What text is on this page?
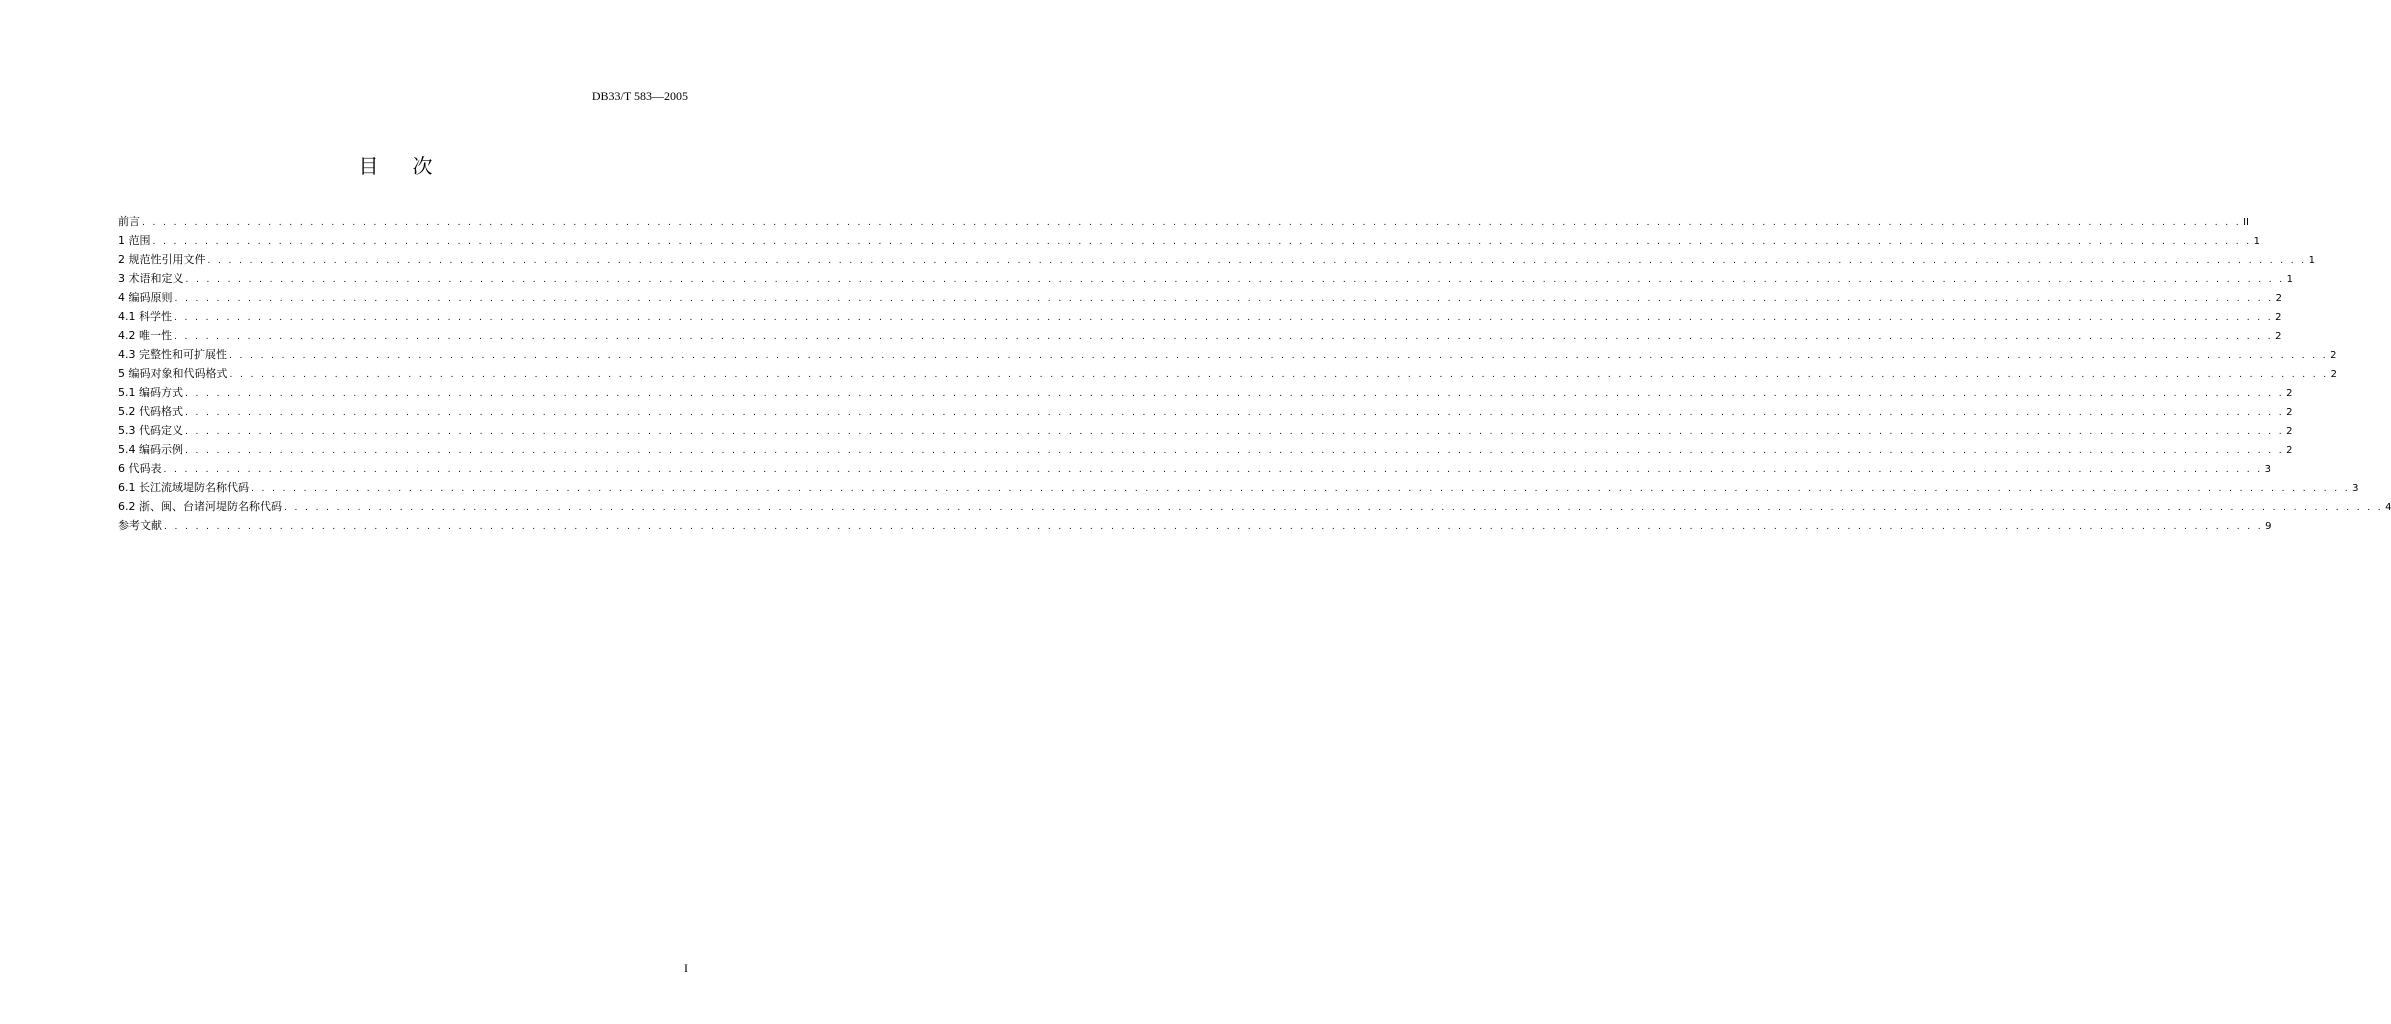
DB33/T 583—2005
目 次
前言 . . . . . . . . . . . . . . . . . . . . . . . . . . . . . . . . . . . . . . . . . . . . . . . . . . . . . . . . . . . . . . . . . . . . . . . . . . . . . . . . . . . . . . . . . . . . . . . . . . . . . . . . . . . . . . . . . . . . . . . . . . . . . . . . . . . . . . . . . . . . . . . . . . . . . . . . . . . . . . . . . . . . . . . . . . . . . . . . . . . . . . . . . . . . . . . . . . . . . . . . II
1 范围 . . . . . . . . . . . . . . . . . . . . . . . . . . . . . . . . . . . . . . . . . . . . . . . . . . . . . . . . . . . . . . . . . . . . . . . . . . . . . . . . . . . . . . . . . . . . . . . . . . . . . . . . . . . . . . . . . . . . . . . . . . . . . . . . . . . . . . . . . . . . . . . . . . . . . . . . . . . . . . . . . . . . . . . . . . . . . . . . . . . . . . . . . . . . . . . . . . . . . . . . 1
2 规范性引用文件 . . . . . . . . . . . . . . . . . . . . . . . . . . . . . . . . . . . . . . . . . . . . . . . . . . . . . . . . . . . . . . . . . . . . . . . . . . . . . . . . . . . . . . . . . . . . . . . . . . . . . . . . . . . . . . . . . . . . . . . . . . . . . . . . . . . . . . . . . . . . . . . . . . . . . . . . . . . . . . . . . . . . . . . . . . . . . . . . . . . . . . . . . . . . . . . . . . . . . . . . 1
3 术语和定义 . . . . . . . . . . . . . . . . . . . . . . . . . . . . . . . . . . . . . . . . . . . . . . . . . . . . . . . . . . . . . . . . . . . . . . . . . . . . . . . . . . . . . . . . . . . . . . . . . . . . . . . . . . . . . . . . . . . . . . . . . . . . . . . . . . . . . . . . . . . . . . . . . . . . . . . . . . . . . . . . . . . . . . . . . . . . . . . . . . . . . . . . . . . . . . . . . . . . . . . . 1
4 编码原则 . . . . . . . . . . . . . . . . . . . . . . . . . . . . . . . . . . . . . . . . . . . . . . . . . . . . . . . . . . . . . . . . . . . . . . . . . . . . . . . . . . . . . . . . . . . . . . . . . . . . . . . . . . . . . . . . . . . . . . . . . . . . . . . . . . . . . . . . . . . . . . . . . . . . . . . . . . . . . . . . . . . . . . . . . . . . . . . . . . . . . . . . . . . . . . . . . . . . . . . . 2
4.1 科学性 . . . . . . . . . . . . . . . . . . . . . . . . . . . . . . . . . . . . . . . . . . . . . . . . . . . . . . . . . . . . . . . . . . . . . . . . . . . . . . . . . . . . . . . . . . . . . . . . . . . . . . . . . . . . . . . . . . . . . . . . . . . . . . . . . . . . . . . . . . . . . . . . . . . . . . . . . . . . . . . . . . . . . . . . . . . . . . . . . . . . . . . . . . . . . . . . . . . . . . . . 2
4.2 唯一性 . . . . . . . . . . . . . . . . . . . . . . . . . . . . . . . . . . . . . . . . . . . . . . . . . . . . . . . . . . . . . . . . . . . . . . . . . . . . . . . . . . . . . . . . . . . . . . . . . . . . . . . . . . . . . . . . . . . . . . . . . . . . . . . . . . . . . . . . . . . . . . . . . . . . . . . . . . . . . . . . . . . . . . . . . . . . . . . . . . . . . . . . . . . . . . . . . . . . . . . . 2
4.3 完整性和可扩展性 . . . . . . . . . . . . . . . . . . . . . . . . . . . . . . . . . . . . . . . . . . . . . . . . . . . . . . . . . . . . . . . . . . . . . . . . . . . . . . . . . . . . . . . . . . . . . . . . . . . . . . . . . . . . . . . . . . . . . . . . . . . . . . . . . . . . . . . . . . . . . . . . . . . . . . . . . . . . . . . . . . . . . . . . . . . . . . . . . . . . . . . . . . . . . . . . . . . . . . . . 2
5 编码对象和代码格式 . . . . . . . . . . . . . . . . . . . . . . . . . . . . . . . . . . . . . . . . . . . . . . . . . . . . . . . . . . . . . . . . . . . . . . . . . . . . . . . . . . . . . . . . . . . . . . . . . . . . . . . . . . . . . . . . . . . . . . . . . . . . . . . . . . . . . . . . . . . . . . . . . . . . . . . . . . . . . . . . . . . . . . . . . . . . . . . . . . . . . . . . . . . . . . . . . . . . . . . . 2
5.1 编码方式 . . . . . . . . . . . . . . . . . . . . . . . . . . . . . . . . . . . . . . . . . . . . . . . . . . . . . . . . . . . . . . . . . . . . . . . . . . . . . . . . . . . . . . . . . . . . . . . . . . . . . . . . . . . . . . . . . . . . . . . . . . . . . . . . . . . . . . . . . . . . . . . . . . . . . . . . . . . . . . . . . . . . . . . . . . . . . . . . . . . . . . . . . . . . . . . . . . . . . . . . 2
5.2 代码格式 . . . . . . . . . . . . . . . . . . . . . . . . . . . . . . . . . . . . . . . . . . . . . . . . . . . . . . . . . . . . . . . . . . . . . . . . . . . . . . . . . . . . . . . . . . . . . . . . . . . . . . . . . . . . . . . . . . . . . . . . . . . . . . . . . . . . . . . . . . . . . . . . . . . . . . . . . . . . . . . . . . . . . . . . . . . . . . . . . . . . . . . . . . . . . . . . . . . . . . . . 2
5.3 代码定义 . . . . . . . . . . . . . . . . . . . . . . . . . . . . . . . . . . . . . . . . . . . . . . . . . . . . . . . . . . . . . . . . . . . . . . . . . . . . . . . . . . . . . . . . . . . . . . . . . . . . . . . . . . . . . . . . . . . . . . . . . . . . . . . . . . . . . . . . . . . . . . . . . . . . . . . . . . . . . . . . . . . . . . . . . . . . . . . . . . . . . . . . . . . . . . . . . . . . . . . . 2
5.4 编码示例 . . . . . . . . . . . . . . . . . . . . . . . . . . . . . . . . . . . . . . . . . . . . . . . . . . . . . . . . . . . . . . . . . . . . . . . . . . . . . . . . . . . . . . . . . . . . . . . . . . . . . . . . . . . . . . . . . . . . . . . . . . . . . . . . . . . . . . . . . . . . . . . . . . . . . . . . . . . . . . . . . . . . . . . . . . . . . . . . . . . . . . . . . . . . . . . . . . . . . . . . 2
6 代码表 . . . . . . . . . . . . . . . . . . . . . . . . . . . . . . . . . . . . . . . . . . . . . . . . . . . . . . . . . . . . . . . . . . . . . . . . . . . . . . . . . . . . . . . . . . . . . . . . . . . . . . . . . . . . . . . . . . . . . . . . . . . . . . . . . . . . . . . . . . . . . . . . . . . . . . . . . . . . . . . . . . . . . . . . . . . . . . . . . . . . . . . . . . . . . . . . . . . . . . . . 3
6.1 长江流域堤防名称代码 . . . . . . . . . . . . . . . . . . . . . . . . . . . . . . . . . . . . . . . . . . . . . . . . . . . . . . . . . . . . . . . . . . . . . . . . . . . . . . . . . . . . . . . . . . . . . . . . . . . . . . . . . . . . . . . . . . . . . . . . . . . . . . . . . . . . . . . . . . . . . . . . . . . . . . . . . . . . . . . . . . . . . . . . . . . . . . . . . . . . . . . . . . . . . . . . . . . . . . . . 3
6.2 浙、闽、台诸河堤防名称代码 . . . . . . . . . . . . . . . . . . . . . . . . . . . . . . . . . . . . . . . . . . . . . . . . . . . . . . . . . . . . . . . . . . . . . . . . . . . . . . . . . . . . . . . . . . . . . . . . . . . . . . . . . . . . . . . . . . . . . . . . . . . . . . . . . . . . . . . . . . . . . . . . . . . . . . . . . . . . . . . . . . . . . . . . . . . . . . . . . . . . . . . . . . . . . . . . . . . . . . . . 4
参考文献 . . . . . . . . . . . . . . . . . . . . . . . . . . . . . . . . . . . . . . . . . . . . . . . . . . . . . . . . . . . . . . . . . . . . . . . . . . . . . . . . . . . . . . . . . . . . . . . . . . . . . . . . . . . . . . . . . . . . . . . . . . . . . . . . . . . . . . . . . . . . . . . . . . . . . . . . . . . . . . . . . . . . . . . . . . . . . . . . . . . . . . . . . . . . . . . . . . . . . . . . 9
I
